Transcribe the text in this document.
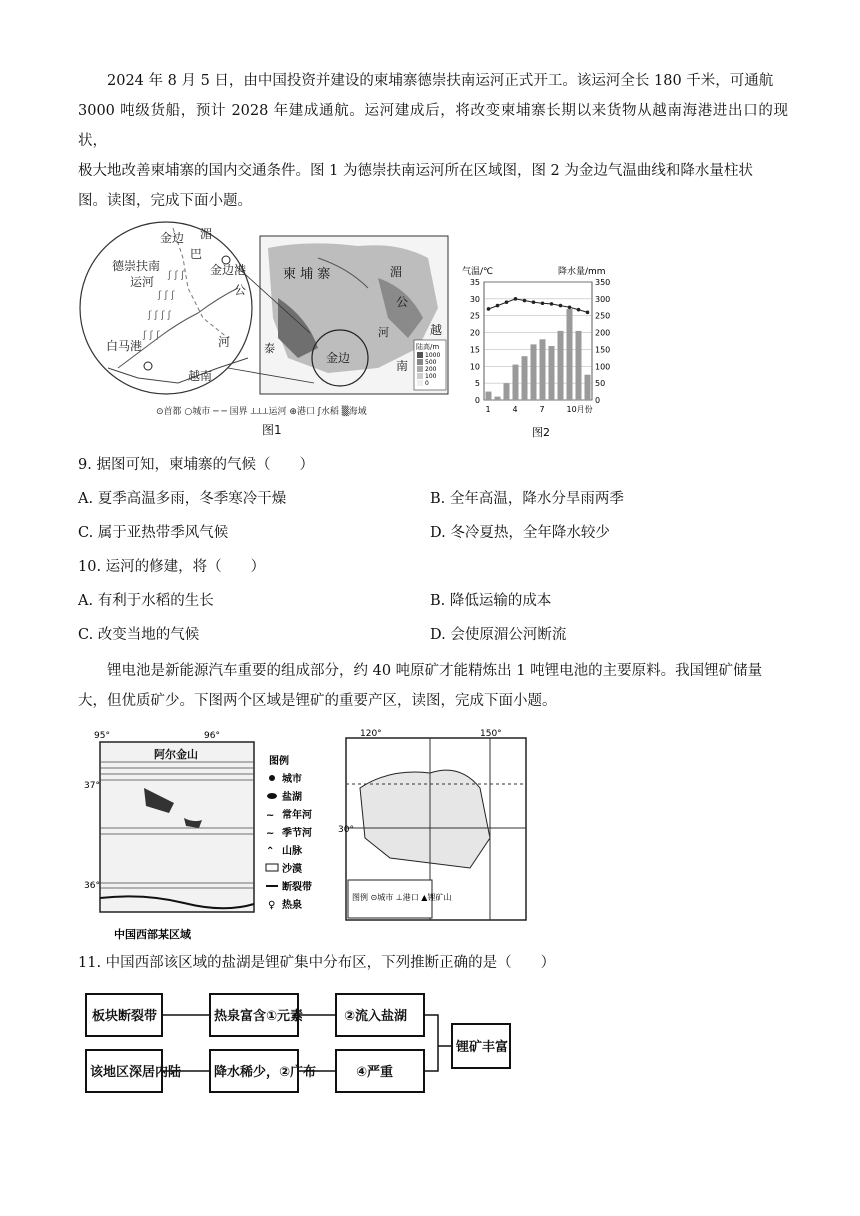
2024 年 8 月 5 日，由中国投资并建设的柬埔寨德崇扶南运河正式开工。该运河全长 180 千米，可通航
3000 吨级货船，预计 2028 年建成通航。运河建成后，将改变柬埔寨长期以来货物从越南海港进出口的现状，
极大地改善柬埔寨的国内交通条件。图 1 为德崇扶南运河所在区域图，图 2 为金边气温曲线和降水量柱状
图。读图，完成下面小题。
ʃ ʃ ʃ
ʃ ʃ ʃ
ʃ ʃ ʃ ʃ
ʃ ʃ ʃ
金边 湄
德崇扶南
运河
巴
金边港
公
白马港	河
越南
柬 埔 寨	湄
公
金边
泰
越
南
河
陆高/m
1000
500
200
100
0
⊙首都 ○城市 ─ ─ 国界 ⟂⟂⟂运河 ⊕港口 ʃ水稻 ▒海域
图1
气温/℃	降水量/mm
0
5
10
15
20
25
30
35
0
50
100
150
200
250
300
350
1	4	7	10月份
图2
9. 据图可知，柬埔寨的气候（　　）
A. 夏季高温多雨，冬季寒冷干燥	B. 全年高温，降水分旱雨两季
C. 属于亚热带季风气候	D. 冬冷夏热，全年降水较少
10. 运河的修建，将（　　）
A. 有利于水稻的生长	B. 降低运输的成本
C. 改变当地的气候	D. 会使原湄公河断流
锂电池是新能源汽车重要的组成部分，约 40 吨原矿才能精炼出 1 吨锂电池的主要原料。我国锂矿储量
大，但优质矿少。下图两个区域是锂矿的重要产区，读图，完成下面小题。
阿尔金山
95°	96°
37°
36°
图例
城市
盐湖
~ 常年河
~ 季节河
⌃ 山脉
沙漠
断裂带
♀ 热泉
中国西部某区域
120°	150°
30°
图例 ⊙城市 ⊥港口 ▲锂矿山
11. 中国西部该区域的盐湖是锂矿集中分布区，下列推断正确的是（　　）
板块断裂带	热泉富含①元素	②流入盐湖
该地区深居内陆	降水稀少，②广布	④严重
锂矿丰富
